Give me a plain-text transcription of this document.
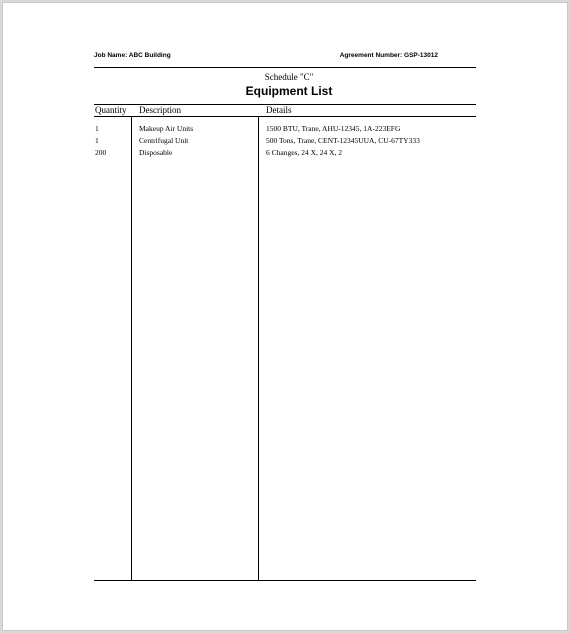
Job Name: ABC Building	Agreement Number: GSP-13012
Schedule "C"
Equipment List
Quantity Description	Details
1	Makeup Air Units	1500 BTU, Trane, AHU-12345, 1A-223EFG
1	Centrifugal Unit	500 Tons, Trane, CENT-12345UUA, CU-67TY333
200	Disposable	6 Changes, 24 X, 24 X, 2
